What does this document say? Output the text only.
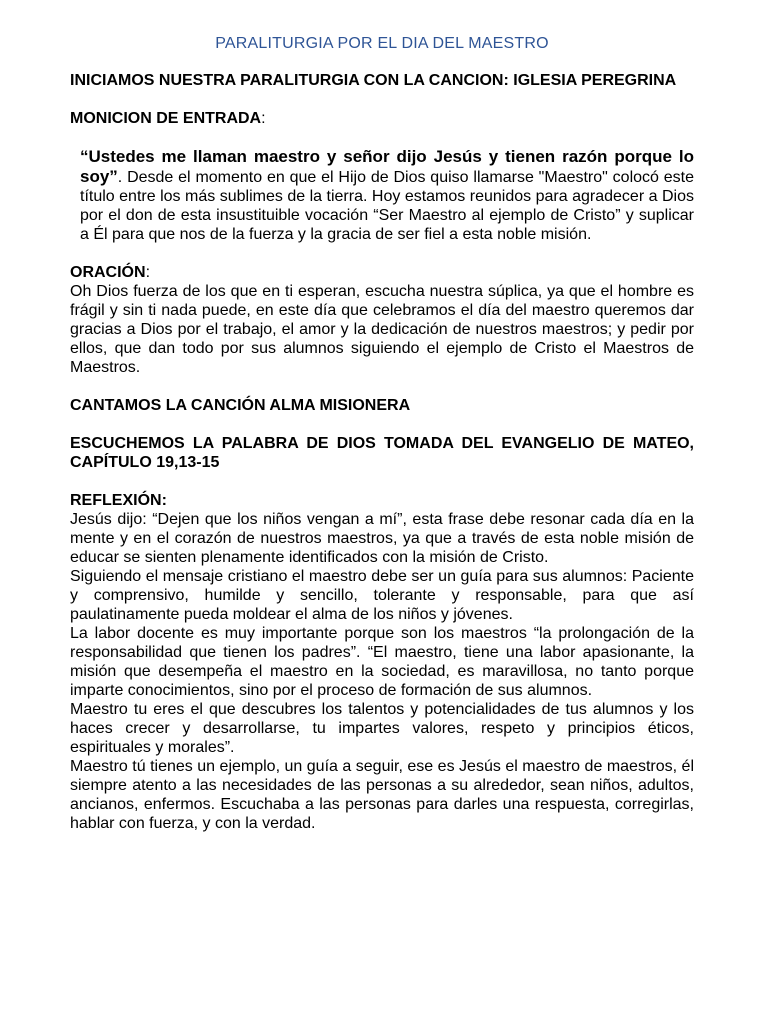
PARALITURGIA POR EL DIA DEL MAESTRO

INICIAMOS NUESTRA PARALITURGIA CON LA CANCION: IGLESIA PEREGRINA

MONICION DE ENTRADA:

“Ustedes me llaman maestro y señor dijo Jesús y tienen razón porque lo soy”. Desde el momento en que el Hijo de Dios quiso llamarse "Maestro" colocó este título entre los más sublimes de la tierra. Hoy estamos reunidos para agradecer a Dios por el don de esta insustituible vocación “Ser Maestro al ejemplo de Cristo” y suplicar a Él para que nos de la fuerza y la gracia de ser fiel a esta noble misión.

ORACIÓN:

Oh Dios fuerza de los que en ti esperan, escucha nuestra súplica, ya que el hombre es frágil y sin ti nada puede, en este día que celebramos el día del maestro queremos dar gracias a Dios por el trabajo, el amor y la dedicación de nuestros maestros; y pedir por ellos, que dan todo por sus alumnos siguiendo el ejemplo de Cristo el Maestros de Maestros.

CANTAMOS LA CANCIÓN ALMA MISIONERA

ESCUCHEMOS LA PALABRA DE DIOS TOMADA DEL EVANGELIO DE MATEO, CAPÍTULO 19,13-15

REFLEXIÓN:

Jesús dijo: “Dejen que los niños vengan a mí”, esta frase debe resonar cada día en la mente y en el corazón de nuestros maestros, ya que a través de esta noble misión de educar se sienten plenamente identificados con la misión de Cristo.

Siguiendo el mensaje cristiano el maestro debe ser un guía para sus alumnos: Paciente y comprensivo, humilde y sencillo, tolerante y responsable, para que así paulatinamente pueda moldear el alma de los niños y jóvenes.

La labor docente es muy importante porque son los maestros “la prolongación de la responsabilidad que tienen los padres”. “El maestro, tiene una labor apasionante, la misión que desempeña el maestro en la sociedad, es maravillosa, no tanto porque imparte conocimientos, sino por el proceso de formación de sus alumnos.

Maestro tu eres el que descubres los talentos y potencialidades de tus alumnos y los haces crecer y desarrollarse, tu impartes valores, respeto y principios éticos, espirituales y morales”.

Maestro tú tienes un ejemplo, un guía a seguir, ese es Jesús el maestro de maestros, él siempre atento a las necesidades de las personas a su alrededor, sean niños, adultos, ancianos, enfermos. Escuchaba a las personas para darles una respuesta, corregirlas, hablar con fuerza, y con la verdad.
